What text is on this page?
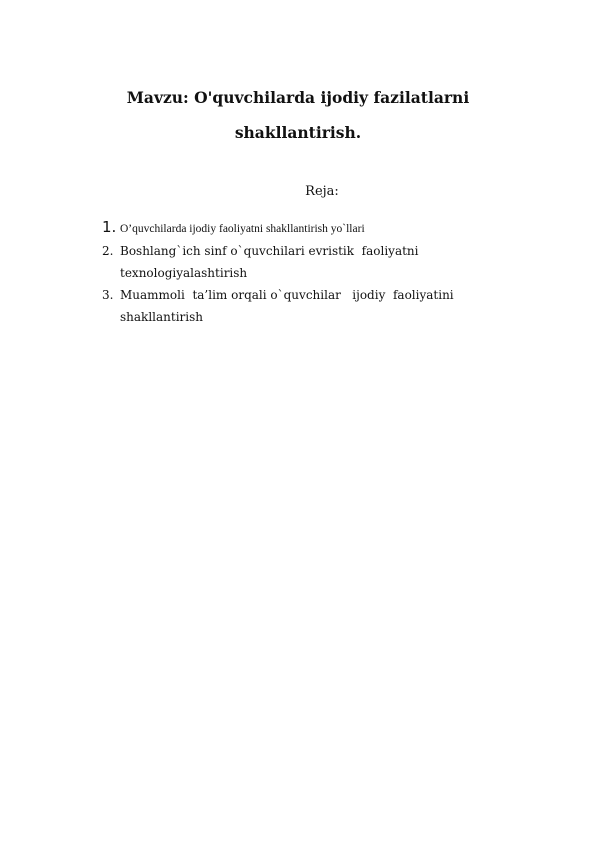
Mavzu: O'quvchilarda ijodiy fazilatlarni
shakllantirish.
Reja:
1. O’quvchilarda ijodiy faoliyatni shakllantirish yo`llari
2. Boshlang`ich sinf o`quvchilari evristik  faoliyatni texnologiyalashtirish
3. Muammoli  ta’lim orqali o`quvchilar   ijodiy  faoliyatini shakllantirish
